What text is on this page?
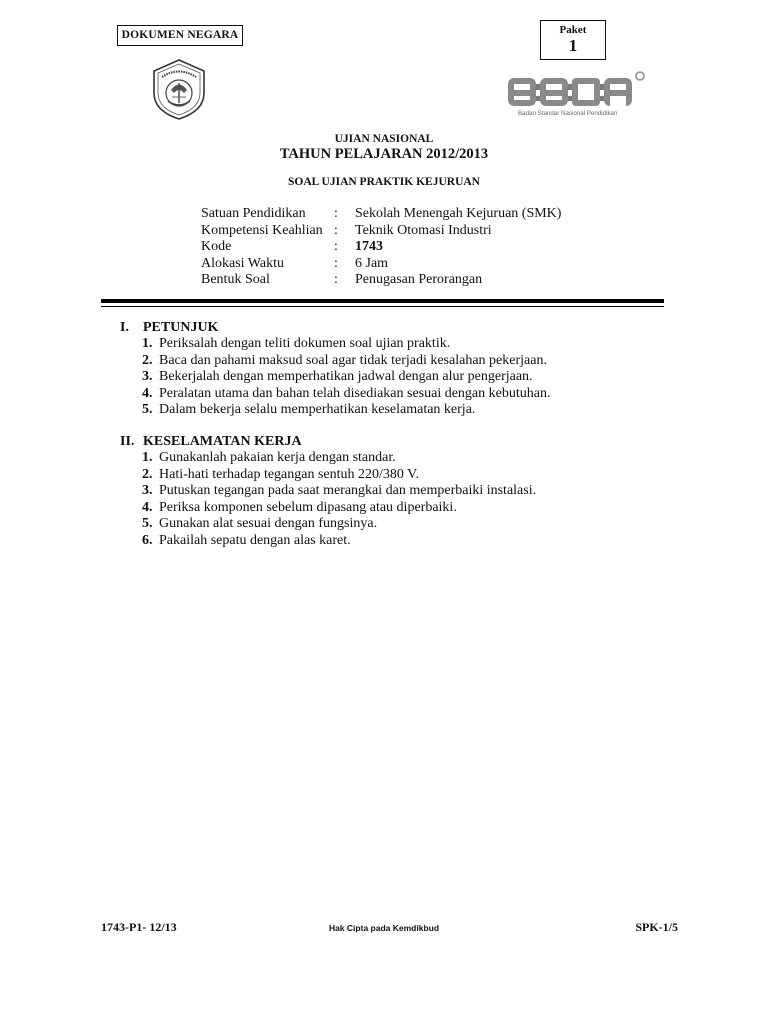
DOKUMEN NEGARA	Paket
1
Badan Standar Nasional Pendidikan
UJIAN NASIONAL
TAHUN PELAJARAN 2012/2013
SOAL UJIAN PRAKTIK KEJURUAN
Satuan Pendidikan : Sekolah Menengah Kejuruan (SMK)
Kompetensi Keahlian : Teknik Otomasi Industri
Kode	: 1743
Alokasi Waktu	: 6 Jam
Bentuk Soal	: Penugasan Perorangan
I. PETUNJUK
1. Periksalah dengan teliti dokumen soal ujian praktik.
2. Baca dan pahami maksud soal agar tidak terjadi kesalahan pekerjaan.
3. Bekerjalah dengan memperhatikan jadwal dengan alur pengerjaan.
4. Peralatan utama dan bahan telah disediakan sesuai dengan kebutuhan.
5. Dalam bekerja selalu memperhatikan keselamatan kerja.
II. KESELAMATAN KERJA
1. Gunakanlah pakaian kerja dengan standar.
2. Hati-hati terhadap tegangan sentuh 220/380 V.
3. Putuskan tegangan pada saat merangkai dan memperbaiki instalasi.
4. Periksa komponen sebelum dipasang atau diperbaiki.
5. Gunakan alat sesuai dengan fungsinya.
6. Pakailah sepatu dengan alas karet.
1743-P1- 12/13	Hak Cipta pada Kemdikbud	SPK-1/5
